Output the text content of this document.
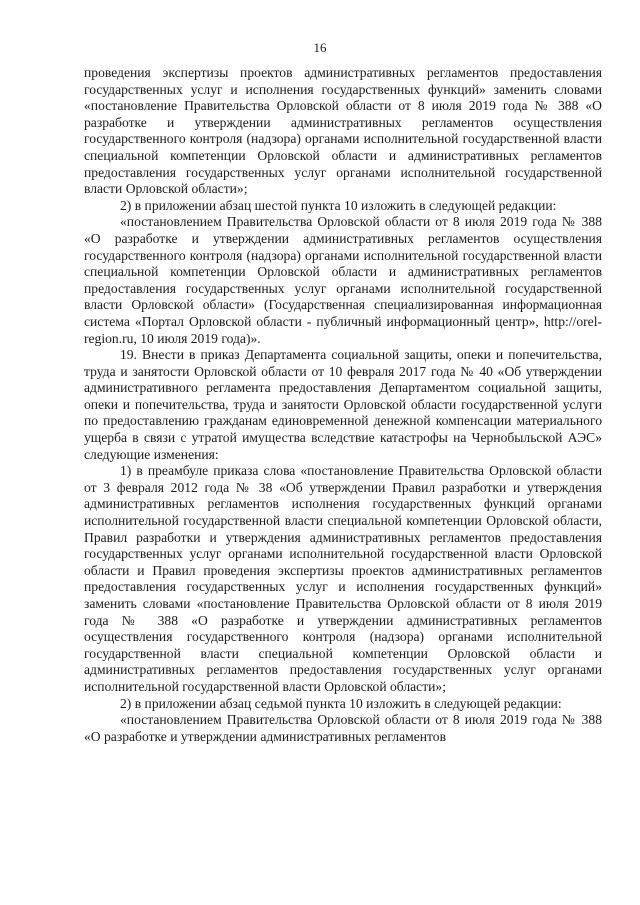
16

проведения экспертизы проектов административных регламентов предоставления государственных услуг и исполнения государственных функций» заменить словами «постановление Правительства Орловской области от 8 июля 2019 года № 388 «О разработке и утверждении административных регламентов осуществления государственного контроля (надзора) органами исполнительной государственной власти специальной компетенции Орловской области и административных регламентов предоставления государственных услуг органами исполнительной государственной власти Орловской области»;

2) в приложении абзац шестой пункта 10 изложить в следующей редакции:

«постановлением Правительства Орловской области от 8 июля 2019 года № 388 «О разработке и утверждении административных регламентов осуществления государственного контроля (надзора) органами исполнительной государственной власти специальной компетенции Орловской области и административных регламентов предоставления государственных услуг органами исполнительной государственной власти Орловской области» (Государственная специализированная информационная система «Портал Орловской области - публичный информационный центр», http://orel-region.ru, 10 июля 2019 года)».

19. Внести в приказ Департамента социальной защиты, опеки и попечительства, труда и занятости Орловской области от 10 февраля 2017 года № 40 «Об утверждении административного регламента предоставления Департаментом социальной защиты, опеки и попечительства, труда и занятости Орловской области государственной услуги по предоставлению гражданам единовременной денежной компенсации материального ущерба в связи с утратой имущества вследствие катастрофы на Чернобыльской АЭС» следующие изменения:

1) в преамбуле приказа слова «постановление Правительства Орловской области от 3 февраля 2012 года № 38 «Об утверждении Правил разработки и утверждения административных регламентов исполнения государственных функций органами исполнительной государственной власти специальной компетенции Орловской области, Правил разработки и утверждения административных регламентов предоставления государственных услуг органами исполнительной государственной власти Орловской области и Правил проведения экспертизы проектов административных регламентов предоставления государственных услуг и исполнения государственных функций» заменить словами «постановление Правительства Орловской области от 8 июля 2019 года № 388 «О разработке и утверждении административных регламентов осуществления государственного контроля (надзора) органами исполнительной государственной власти специальной компетенции Орловской области и административных регламентов предоставления государственных услуг органами исполнительной государственной власти Орловской области»;

2) в приложении абзац седьмой пункта 10 изложить в следующей редакции:

«постановлением Правительства Орловской области от 8 июля 2019 года № 388 «О разработке и утверждении административных регламентов
